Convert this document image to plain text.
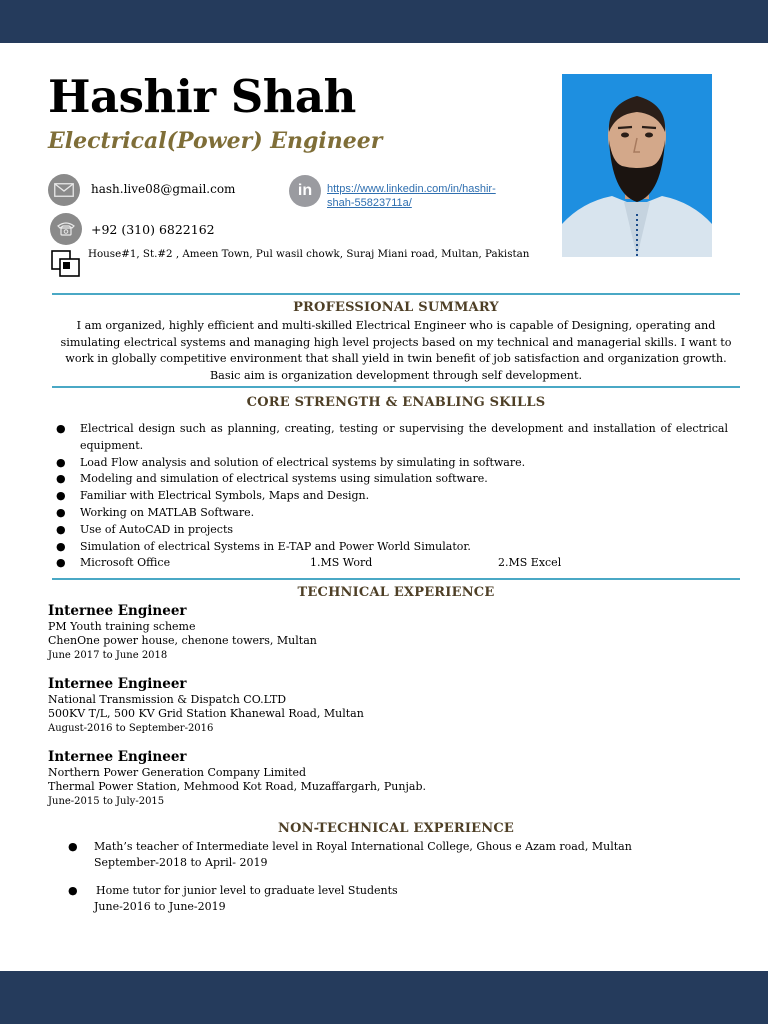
Hashir Shah
Electrical(Power) Engineer
hash.live08@gmail.com	in https://www.linkedin.com/in/hashir-
shah-55823711a/
+92 (310) 6822162
House#1, St.#2 , Ameen Town, Pul wasil chowk, Suraj Miani road, Multan, Pakistan
PROFESSIONAL SUMMARY
I am organized, highly efficient and multi-skilled Electrical Engineer who is capable of Designing, operating and simulating electrical systems and managing high level projects based on my technical and managerial skills. I want to work in globally competitive environment that shall yield in twin benefit of job satisfaction and organization growth. Basic aim is organization development through self development.
CORE STRENGTH & ENABLING SKILLS
● Electrical design such as planning, creating, testing or supervising the development and installation of electrical equipment.
● Load Flow analysis and solution of electrical systems by simulating in software.
● Modeling and simulation of electrical systems using simulation software.
● Familiar with Electrical Symbols, Maps and Design.
● Working on MATLAB Software.
● Use of AutoCAD in projects
● Simulation of electrical Systems in E-TAP and Power World Simulator.
● Microsoft Office	1.MS Word	2.MS Excel
TECHNICAL EXPERIENCE
Internee Engineer
PM Youth training scheme
ChenOne power house, chenone towers, Multan
June 2017 to June 2018
Internee Engineer
National Transmission & Dispatch CO.LTD
500KV T/L, 500 KV Grid Station Khanewal Road, Multan
August-2016 to September-2016
Internee Engineer
Northern Power Generation Company Limited
Thermal Power Station, Mehmood Kot Road, Muzaffargarh, Punjab.
June-2015 to July-2015
NON-TECHNICAL EXPERIENCE
● Math’s teacher of Intermediate level in Royal International College, Ghous e Azam road, Multan
September-2018 to April- 2019
● Home tutor for junior level to graduate level Students
June-2016 to June-2019
